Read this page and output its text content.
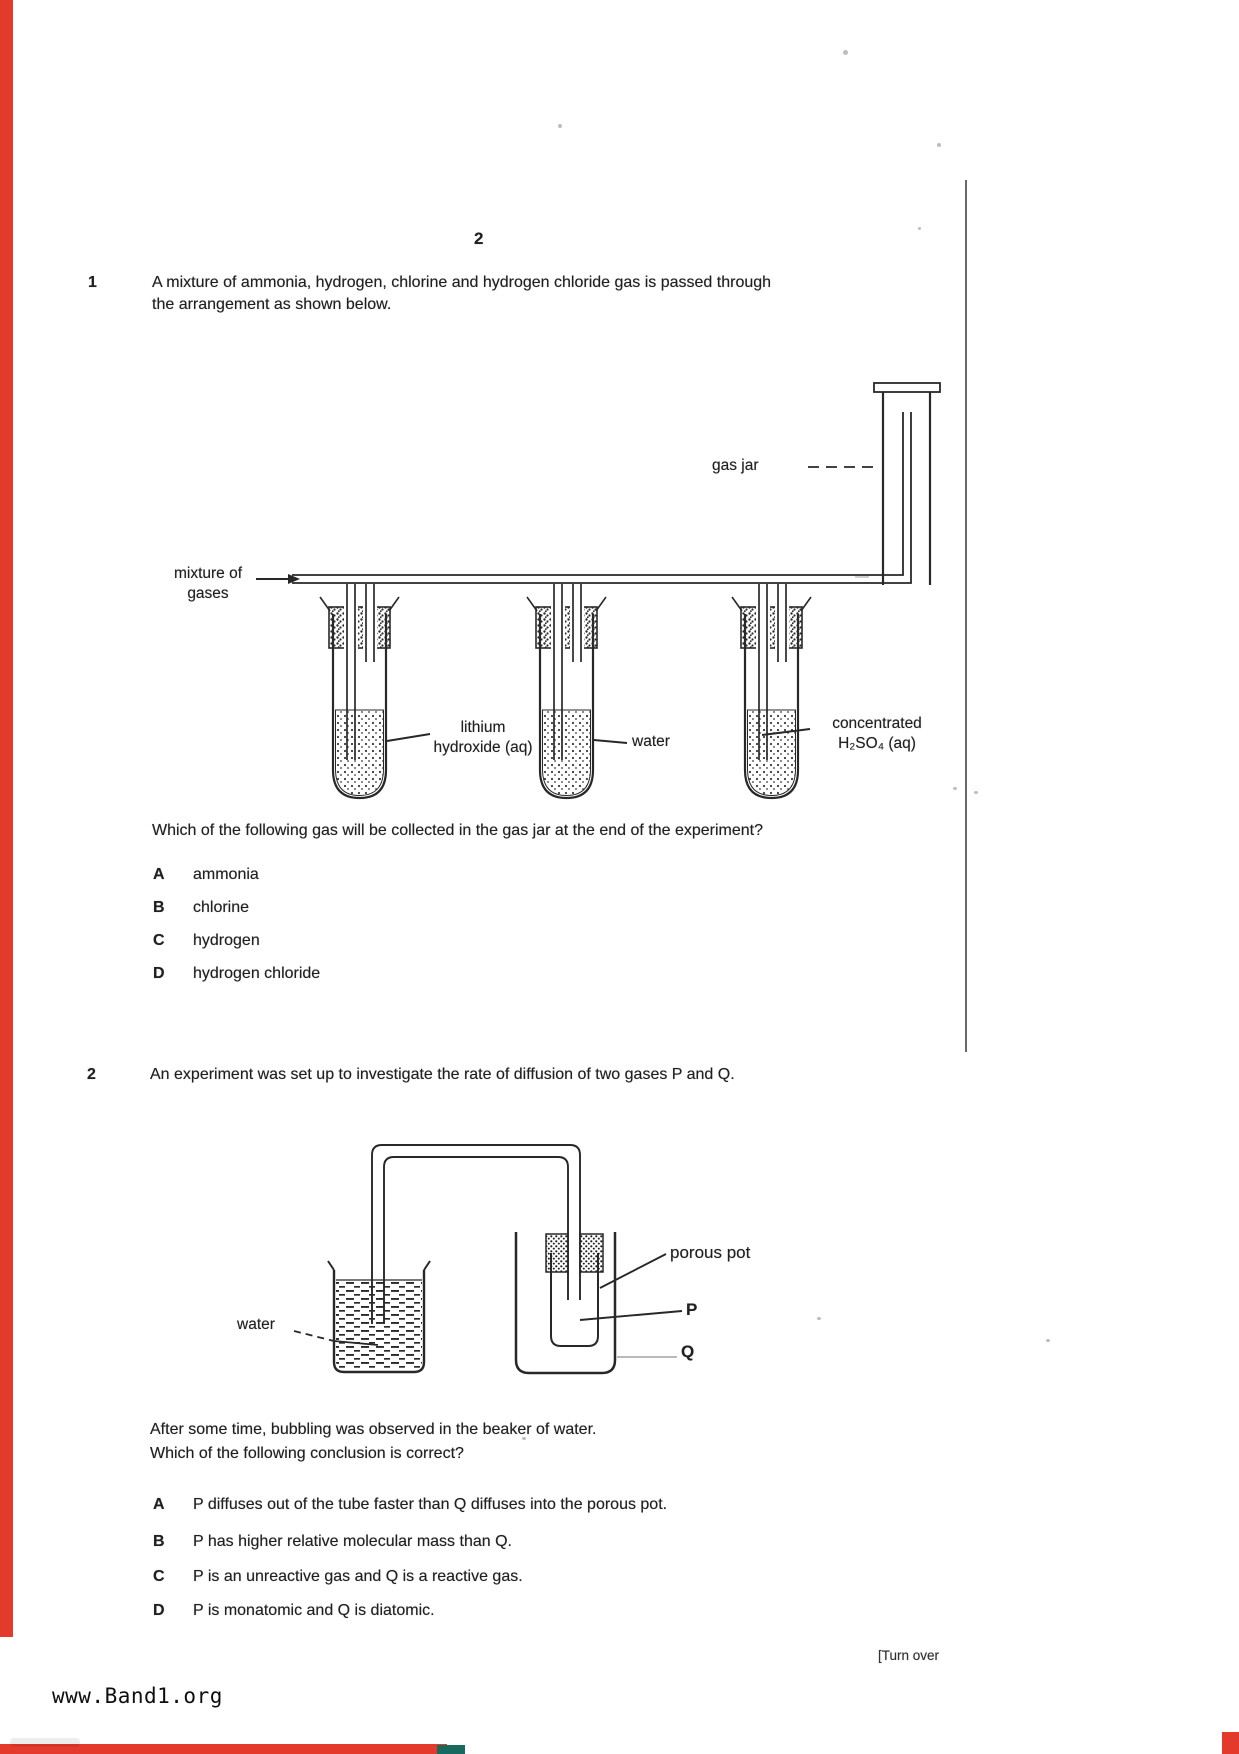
2
1	A mixture of ammonia, hydrogen, chlorine and hydrogen chloride gas is passed through
the arrangement as shown below.
mixture of gases
gas jar
lithium hydroxide (aq)	water
concentrated
H₂SO₄ (aq)
Which of the following gas will be collected in the gas jar at the end of the experiment?
A ammonia
B chlorine
C hydrogen
D hydrogen chloride
2	An experiment was set up to investigate the rate of diffusion of two gases P and Q.
water
porous pot
P
Q
After some time, bubbling was observed in the beaker of water.
Which of the following conclusion is correct?
A P diffuses out of the tube faster than Q diffuses into the porous pot.
B P has higher relative molecular mass than Q.
C P is an unreactive gas and Q is a reactive gas.
D P is monatomic and Q is diatomic.
[Turn over
www.Band1.org
